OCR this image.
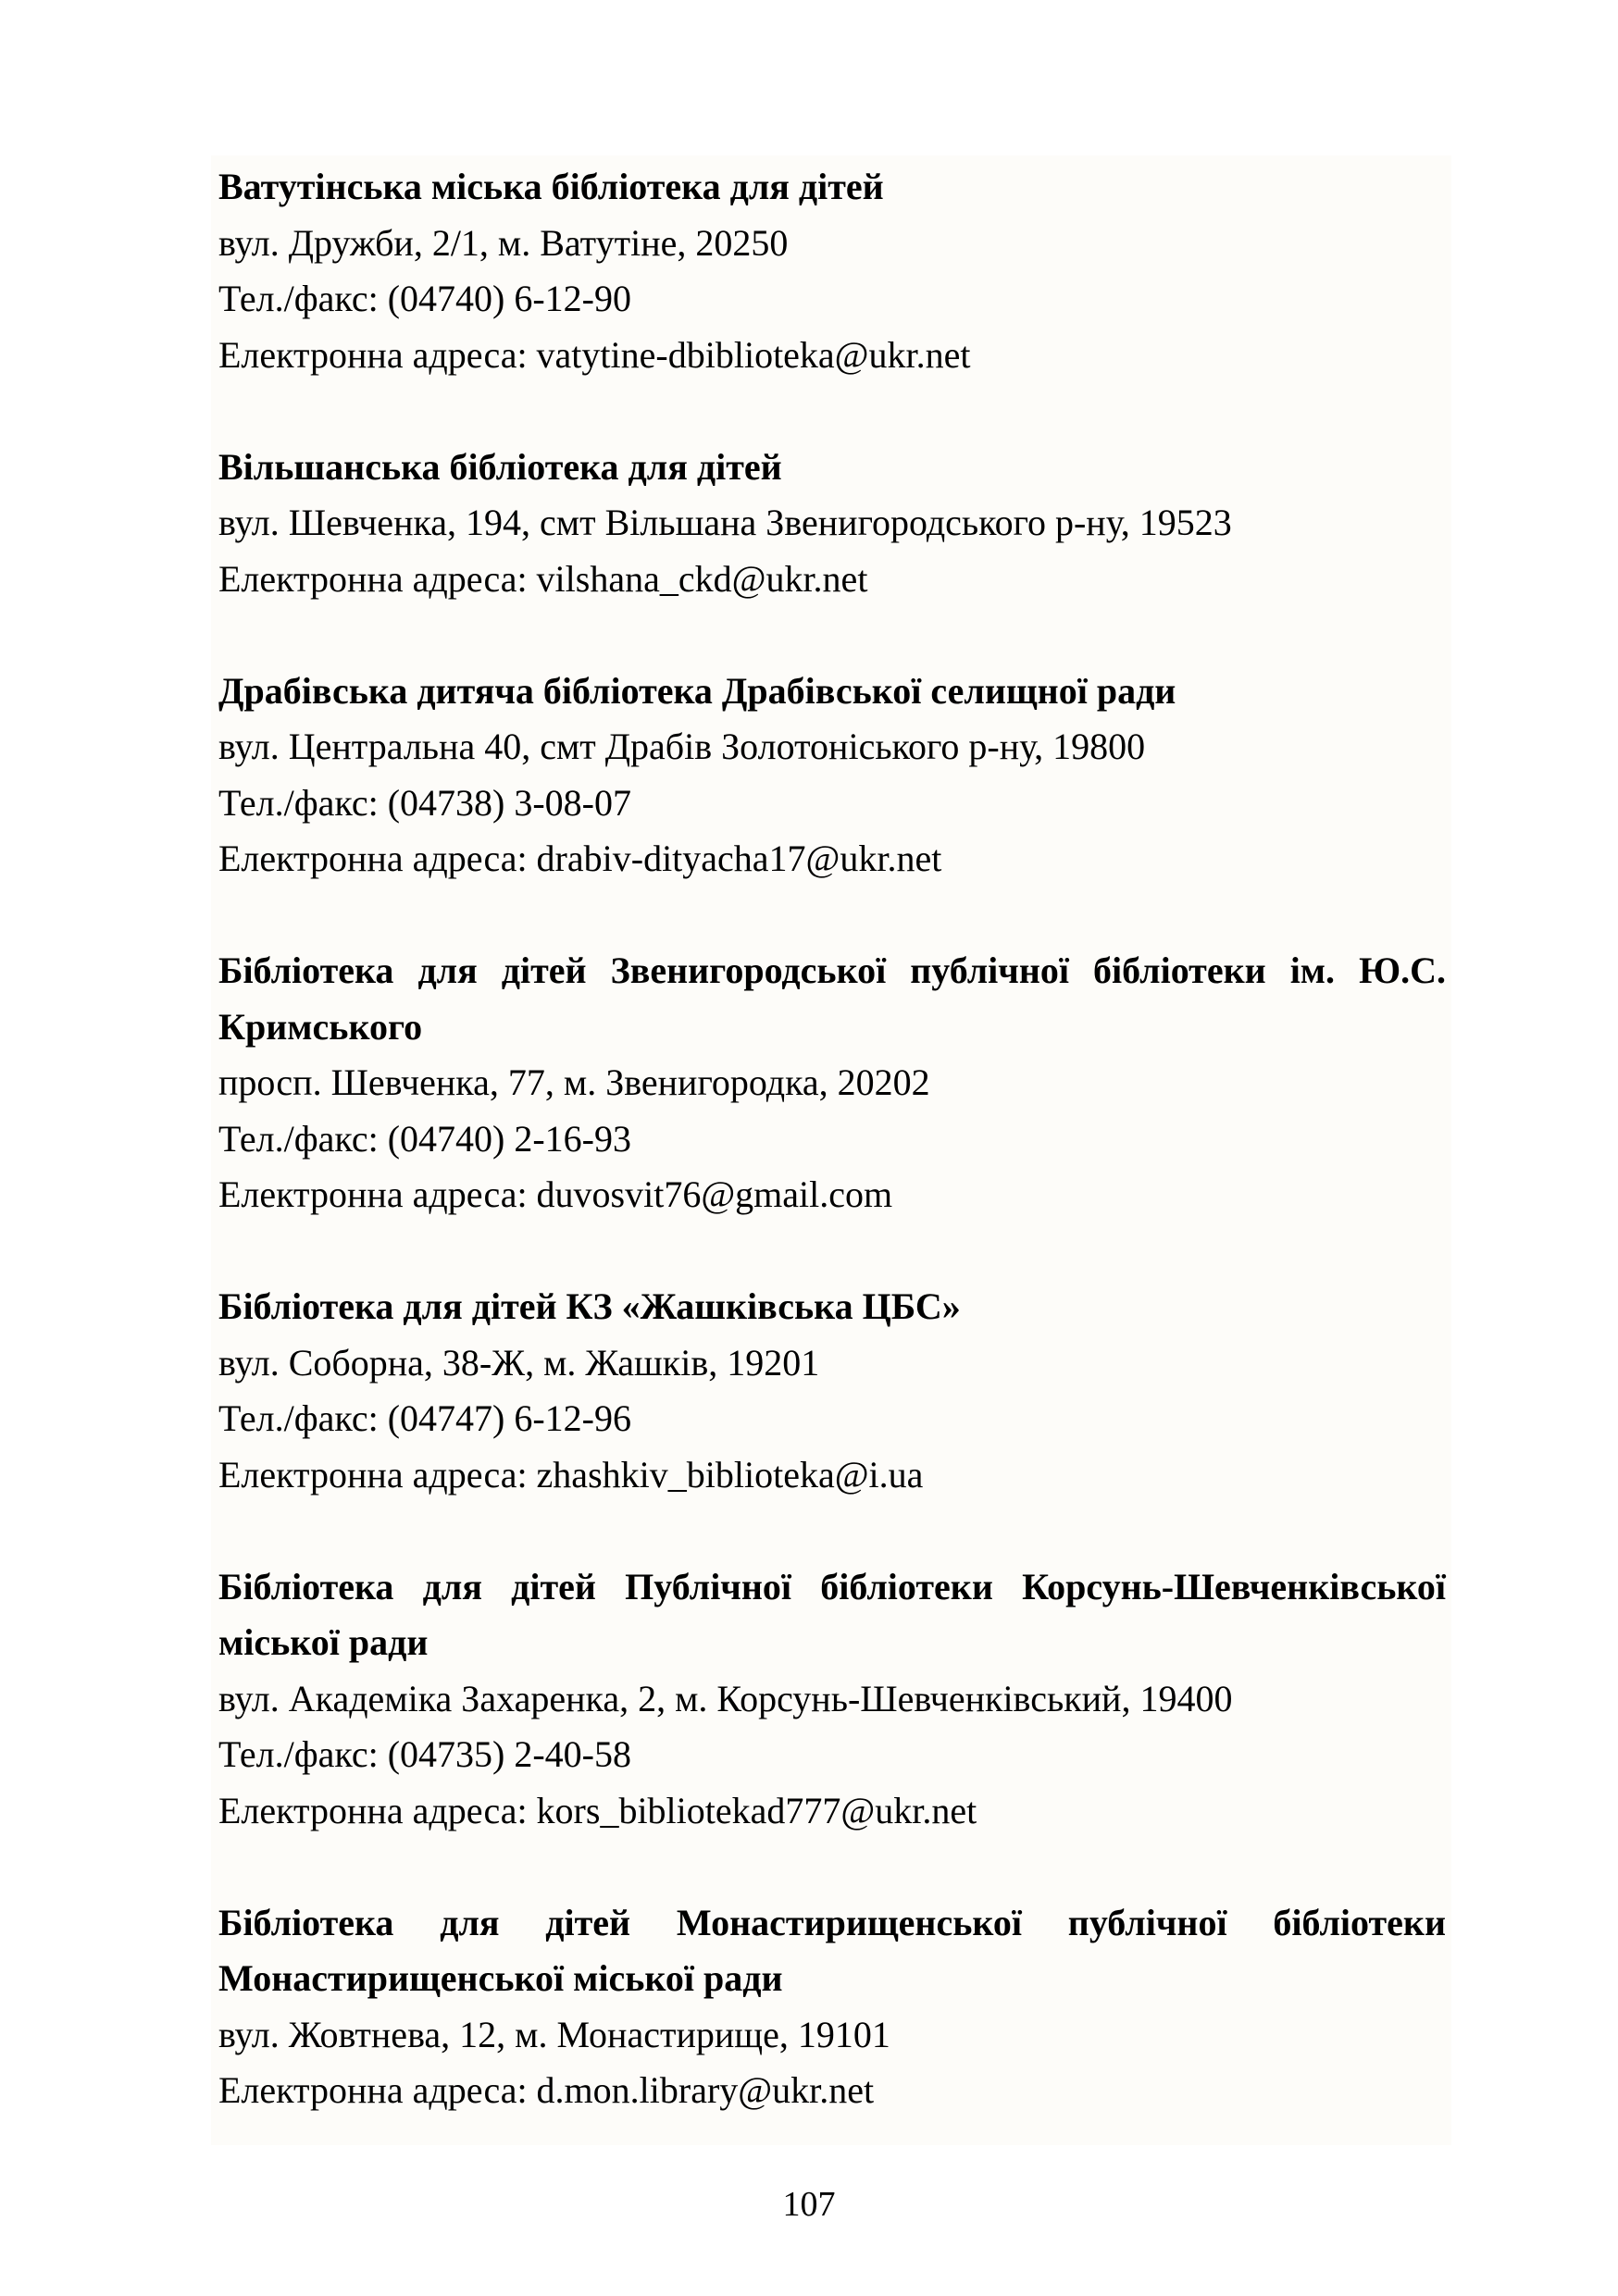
Ватутінська міська бібліотека для дітей
вул. Дружби, 2/1, м. Ватутіне, 20250
Тел./факс: (04740) 6-12-90
Електронна адреса: vatytine-dbiblioteka@ukr.net
Вільшанська бібліотека для дітей
вул. Шевченка, 194, смт Вільшана Звенигородського р-ну, 19523
Електронна адреса: vilshana_ckd@ukr.net
Драбівська дитяча бібліотека Драбівської селищної ради
вул. Центральна 40, смт Драбів Золотоніського р-ну, 19800
Тел./факс: (04738) 3-08-07
Електронна адреса: drabiv-dityacha17@ukr.net
Бібліотека для дітей Звенигородської публічної бібліотеки ім. Ю.С. Кримського
просп. Шевченка, 77, м. Звенигородка, 20202
Тел./факс: (04740) 2-16-93
Електронна адреса: duvosvit76@gmail.com
Бібліотека для дітей КЗ «Жашківська ЦБС»
вул. Соборна, 38-Ж, м. Жашків, 19201
Тел./факс: (04747) 6-12-96
Електронна адреса: zhashkiv_biblioteka@i.ua
Бібліотека для дітей Публічної бібліотеки Корсунь-Шевченківської міської ради
вул. Академіка Захаренка, 2, м. Корсунь-Шевченківський, 19400
Тел./факс: (04735) 2-40-58
Електронна адреса: kors_bibliotekad777@ukr.net
Бібліотека для дітей Монастирищенської публічної бібліотеки Монастирищенської міської ради
вул. Жовтнева, 12, м. Монастирище, 19101
Електронна адреса: d.mon.library@ukr.net
107
